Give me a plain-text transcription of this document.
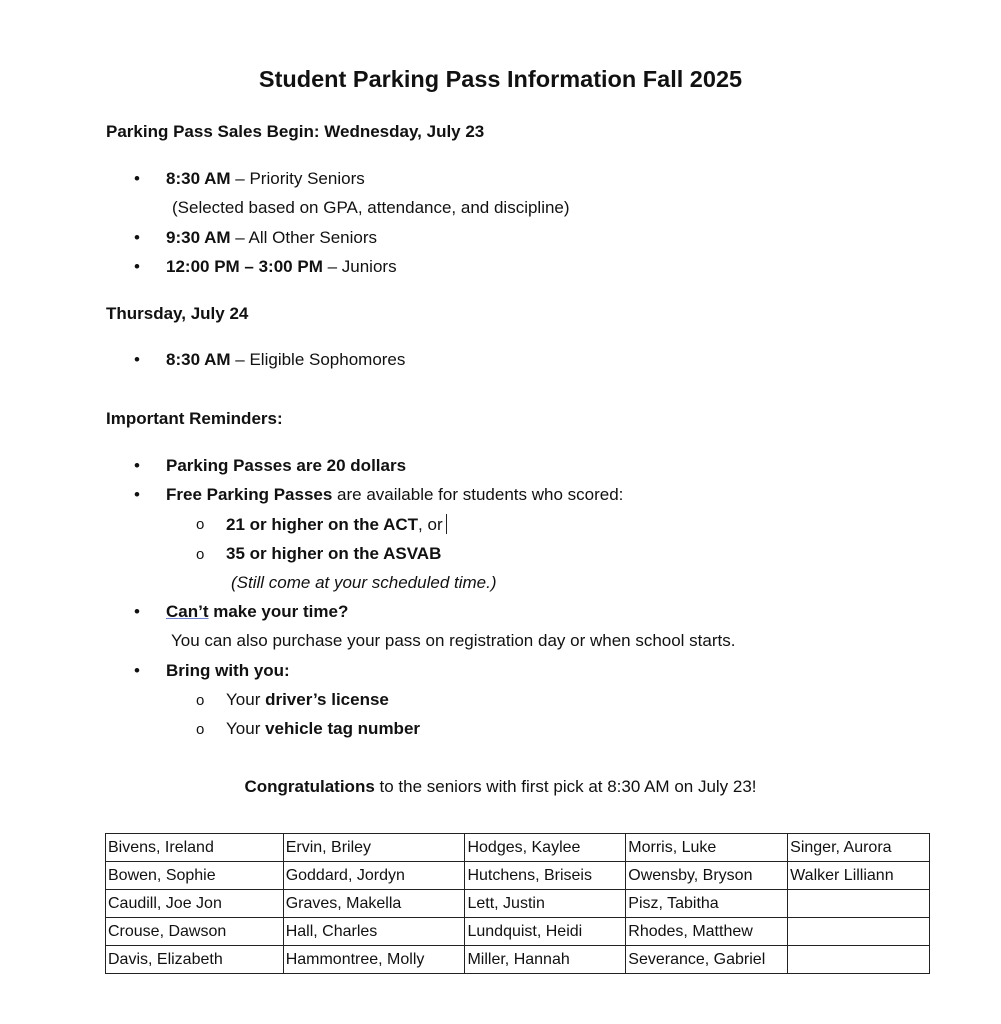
Student Parking Pass Information Fall 2025
Parking Pass Sales Begin: Wednesday, July 23
• 8:30 AM – Priority Seniors
(Selected based on GPA, attendance, and discipline)
• 9:30 AM – All Other Seniors
• 12:00 PM – 3:00 PM – Juniors
Thursday, July 24
• 8:30 AM – Eligible Sophomores
Important Reminders:
• Parking Passes are 20 dollars
• Free Parking Passes are available for students who scored:
o 21 or higher on the ACT, or
o 35 or higher on the ASVAB
(Still come at your scheduled time.)
• Can’t make your time?
You can also purchase your pass on registration day or when school starts.
• Bring with you:
o Your driver’s license
o Your vehicle tag number
Congratulations to the seniors with first pick at 8:30 AM on July 23!
Bivens, Ireland	Ervin, Briley	Hodges, Kaylee	Morris, Luke	Singer, Aurora
Bowen, Sophie	Goddard, Jordyn	Hutchens, Briseis	Owensby, Bryson	Walker Lilliann
Caudill, Joe Jon	Graves, Makella	Lett, Justin	Pisz, Tabitha	
Crouse, Dawson	Hall, Charles	Lundquist, Heidi	Rhodes, Matthew	
Davis, Elizabeth	Hammontree, Molly	Miller, Hannah	Severance, Gabriel	
